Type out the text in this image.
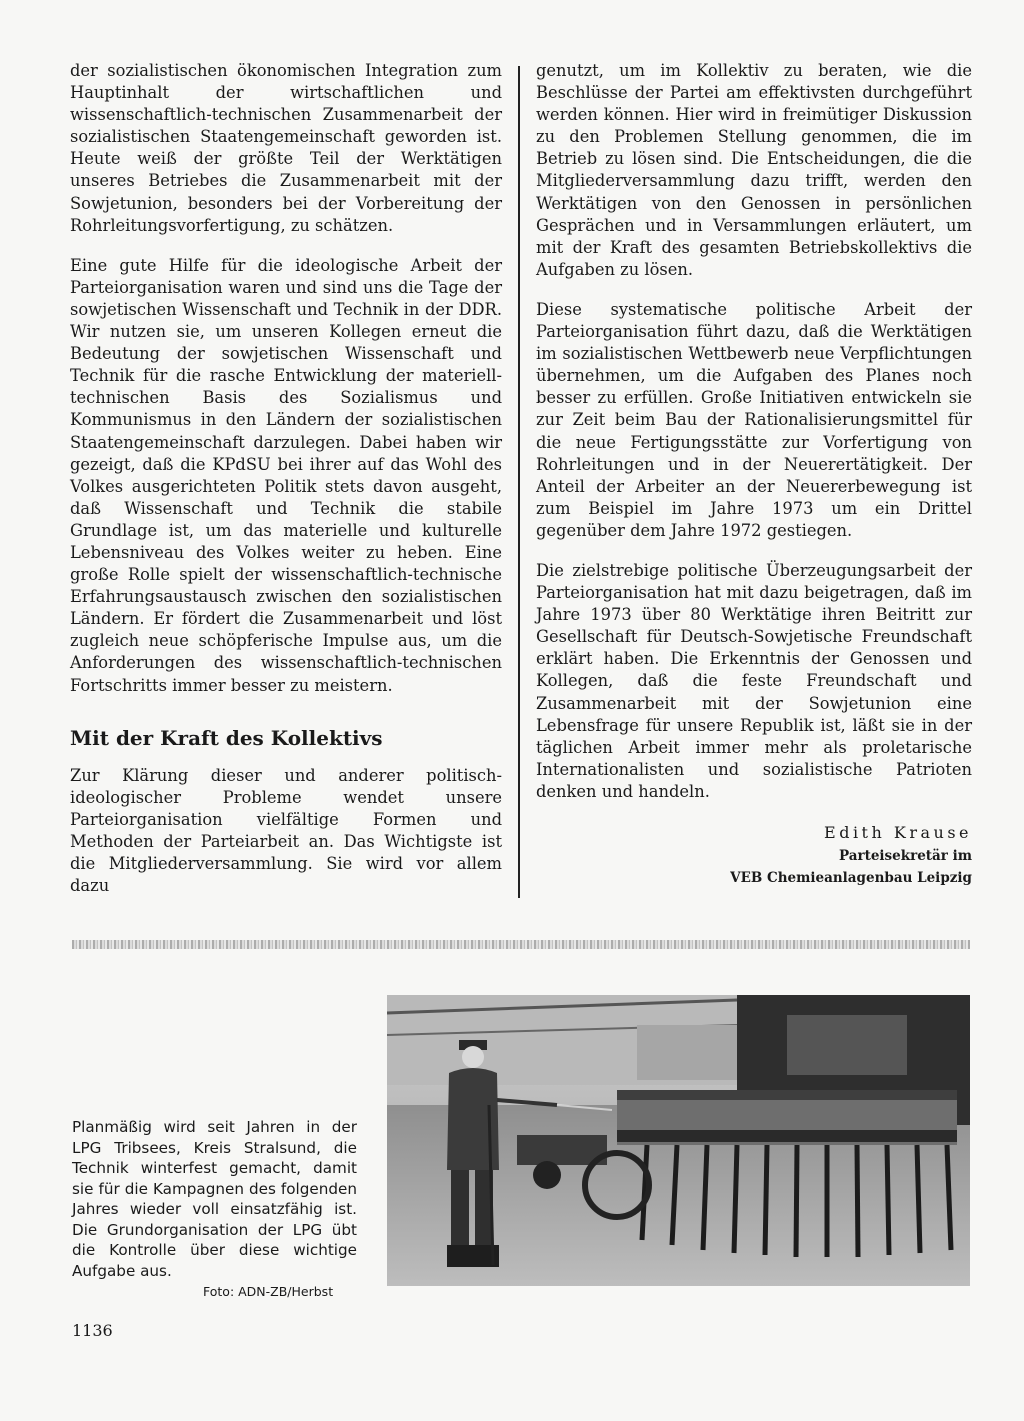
der sozialistischen ökonomischen Integration zum Hauptinhalt der wirtschaftlichen und wissenschaftlich-technischen Zusammenarbeit der sozialistischen Staatengemeinschaft geworden ist. Heute weiß der größte Teil der Werktätigen unseres Betriebes die Zusammenarbeit mit der Sowjetunion, besonders bei der Vorbereitung der Rohrleitungsvorfertigung, zu schätzen.

Eine gute Hilfe für die ideologische Arbeit der Parteiorganisation waren und sind uns die Tage der sowjetischen Wissenschaft und Technik in der DDR. Wir nutzen sie, um unseren Kollegen erneut die Bedeutung der sowjetischen Wissenschaft und Technik für die rasche Entwicklung der materiell-technischen Basis des Sozialismus und Kommunismus in den Ländern der sozialistischen Staatengemeinschaft darzulegen. Dabei haben wir gezeigt, daß die KPdSU bei ihrer auf das Wohl des Volkes ausgerichteten Politik stets davon ausgeht, daß Wissenschaft und Technik die stabile Grundlage ist, um das materielle und kulturelle Lebensniveau des Volkes weiter zu heben. Eine große Rolle spielt der wissenschaftlich-technische Erfahrungsaustausch zwischen den sozialistischen Ländern. Er fördert die Zusammenarbeit und löst zugleich neue schöpferische Impulse aus, um die Anforderungen des wissenschaftlich-technischen Fortschritts immer besser zu meistern.

Mit der Kraft des Kollektivs

Zur Klärung dieser und anderer politisch-ideologischer Probleme wendet unsere Parteiorganisation vielfältige Formen und Methoden der Parteiarbeit an. Das Wichtigste ist die Mitgliederversammlung. Sie wird vor allem dazu

genutzt, um im Kollektiv zu beraten, wie die Beschlüsse der Partei am effektivsten durchgeführt werden können. Hier wird in freimütiger Diskussion zu den Problemen Stellung genommen, die im Betrieb zu lösen sind. Die Entscheidungen, die die Mitgliederversammlung dazu trifft, werden den Werktätigen von den Genossen in persönlichen Gesprächen und in Versammlungen erläutert, um mit der Kraft des gesamten Betriebskollektivs die Aufgaben zu lösen.

Diese systematische politische Arbeit der Parteiorganisation führt dazu, daß die Werktätigen im sozialistischen Wettbewerb neue Verpflichtungen übernehmen, um die Aufgaben des Planes noch besser zu erfüllen. Große Initiativen entwickeln sie zur Zeit beim Bau der Rationalisierungsmittel für die neue Fertigungsstätte zur Vorfertigung von Rohrleitungen und in der Neuerertätigkeit. Der Anteil der Arbeiter an der Neuererbewegung ist zum Beispiel im Jahre 1973 um ein Drittel gegenüber dem Jahre 1972 gestiegen.

Die zielstrebige politische Überzeugungsarbeit der Parteiorganisation hat mit dazu beigetragen, daß im Jahre 1973 über 80 Werktätige ihren Beitritt zur Gesellschaft für Deutsch-Sowjetische Freundschaft erklärt haben. Die Erkenntnis der Genossen und Kollegen, daß die feste Freundschaft und Zusammenarbeit mit der Sowjetunion eine Lebensfrage für unsere Republik ist, läßt sie in der täglichen Arbeit immer mehr als proletarische Internationalisten und sozialistische Patrioten denken und handeln.

Edith Krause
Parteisekretär im
VEB Chemieanlagenbau Leipzig

Planmäßig wird seit Jahren in der LPG Tribsees, Kreis Stralsund, die Technik winterfest gemacht, damit sie für die Kampagnen des folgenden Jahres wieder voll einsatzfähig ist. Die Grundorganisation der LPG übt die Kontrolle über diese wichtige Aufgabe aus.

Foto: ADN-ZB/Herbst
1136
